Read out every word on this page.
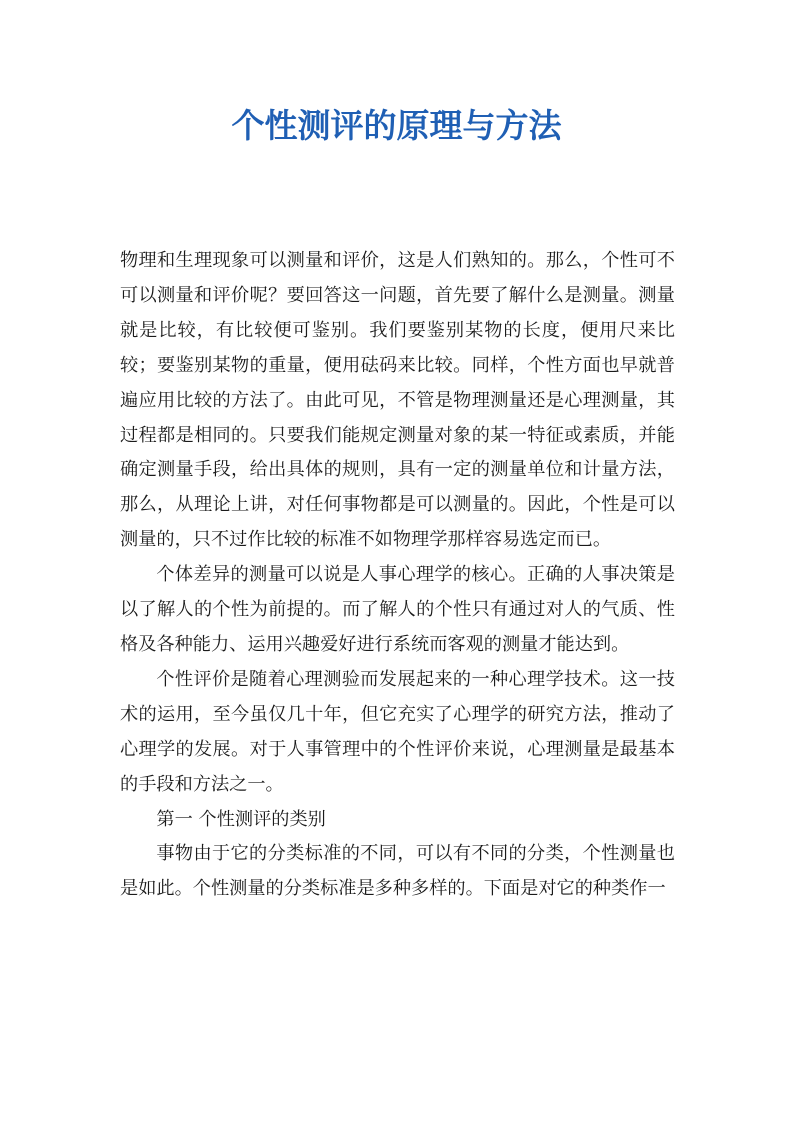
个性测评的原理与方法

物理和生理现象可以测量和评价，这是人们熟知的。那么，个性可不可以测量和评价呢？要回答这一问题，首先要了解什么是测量。测量就是比较，有比较便可鉴别。我们要鉴别某物的长度，便用尺来比较；要鉴别某物的重量，便用砝码来比较。同样，个性方面也早就普遍应用比较的方法了。由此可见，不管是物理测量还是心理测量，其过程都是相同的。只要我们能规定测量对象的某一特征或素质，并能确定测量手段，给出具体的规则，具有一定的测量单位和计量方法，那么，从理论上讲，对任何事物都是可以测量的。因此，个性是可以测量的，只不过作比较的标准不如物理学那样容易选定而已。

个体差异的测量可以说是人事心理学的核心。正确的人事决策是以了解人的个性为前提的。而了解人的个性只有通过对人的气质、性格及各种能力、运用兴趣爱好进行系统而客观的测量才能达到。

个性评价是随着心理测验而发展起来的一种心理学技术。这一技术的运用，至今虽仅几十年，但它充实了心理学的研究方法，推动了心理学的发展。对于人事管理中的个性评价来说，心理测量是最基本的手段和方法之一。

第一 个性测评的类别

事物由于它的分类标准的不同，可以有不同的分类，个性测量也是如此。个性测量的分类标准是多种多样的。下面是对它的种类作一
